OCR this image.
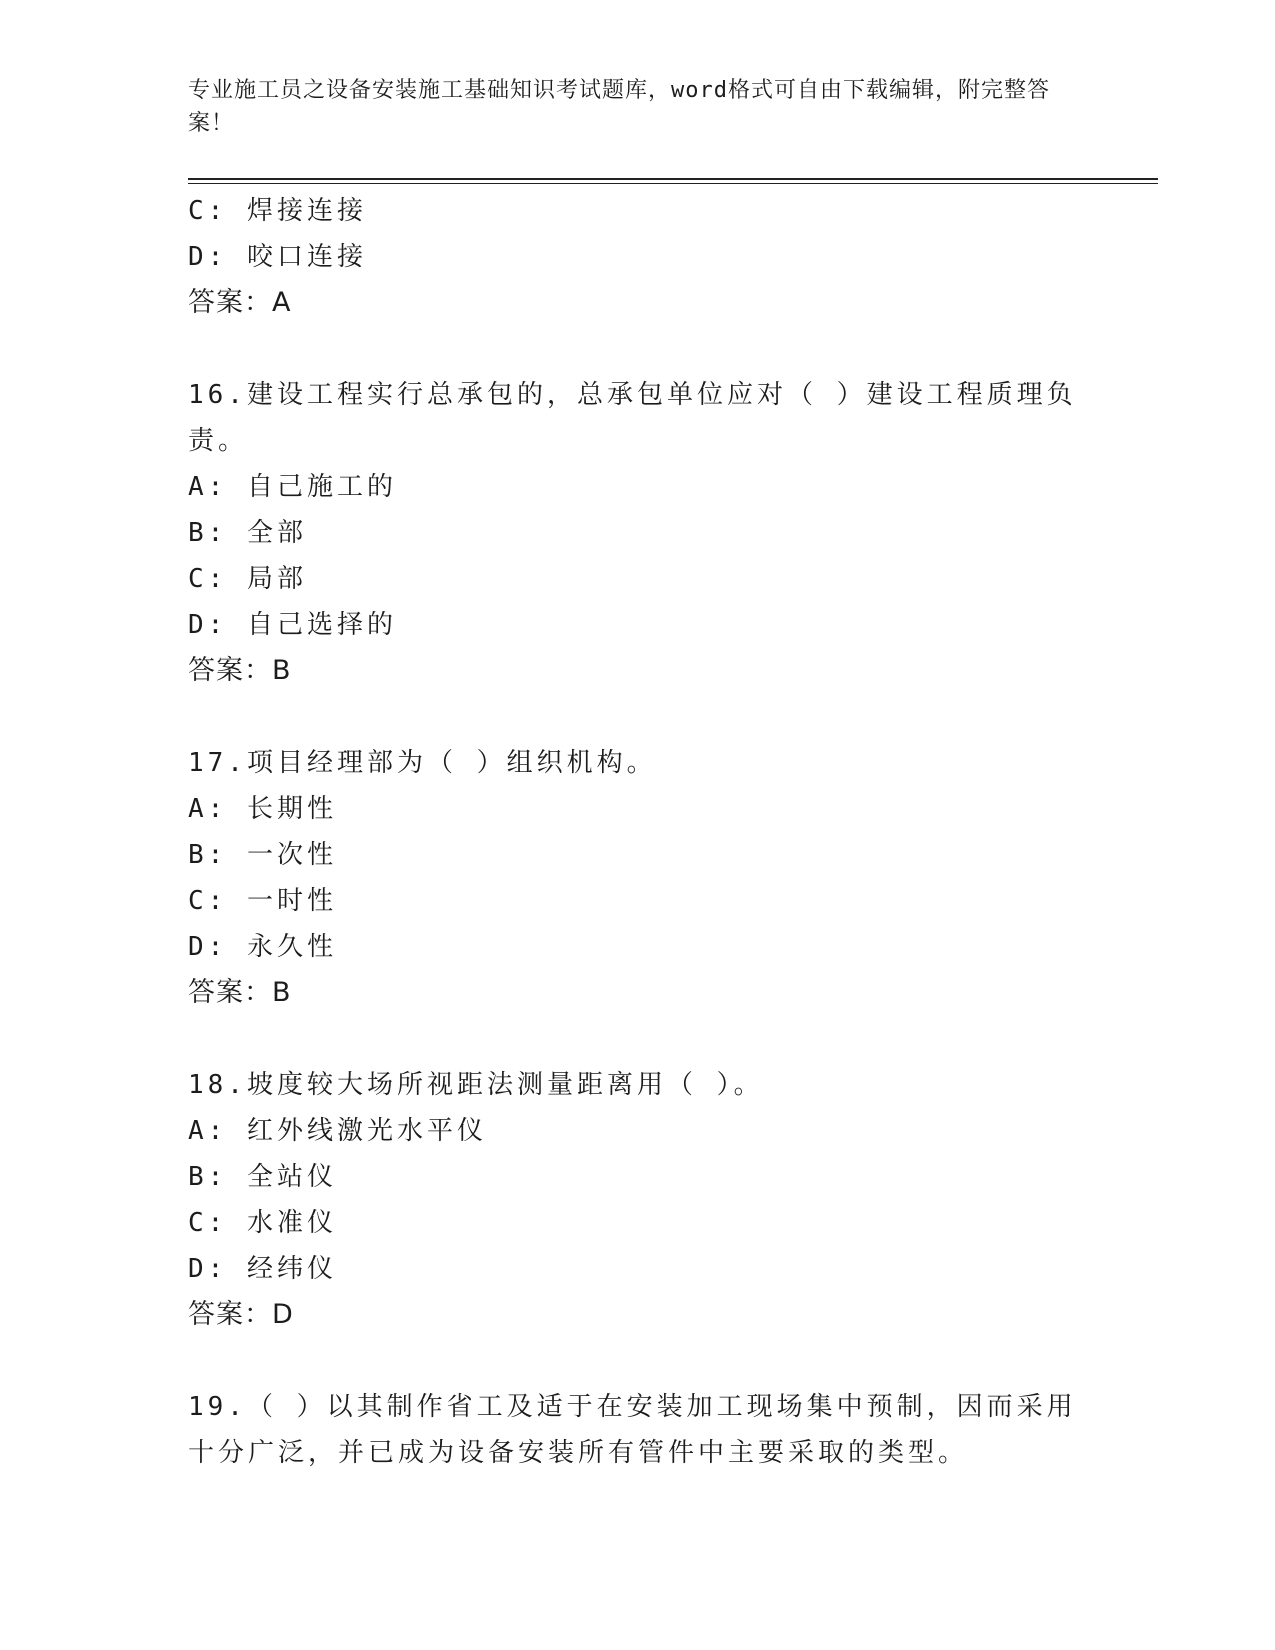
专业施工员之设备安装施工基础知识考试题库，word格式可自由下载编辑，附完整答案！
C: 焊接连接
D: 咬口连接
答案：A
16.建设工程实行总承包的，总承包单位应对（ ）建设工程质理负责。
A: 自己施工的
B: 全部
C: 局部
D: 自己选择的
答案：B
17.项目经理部为（ ）组织机构。
A: 长期性
B: 一次性
C: 一时性
D: 永久性
答案：B
18.坡度较大场所视距法测量距离用（ ）。
A: 红外线激光水平仪
B: 全站仪
C: 水准仪
D: 经纬仪
答案：D
19.（ ）以其制作省工及适于在安装加工现场集中预制，因而采用十分广泛，并已成为设备安装所有管件中主要采取的类型。
